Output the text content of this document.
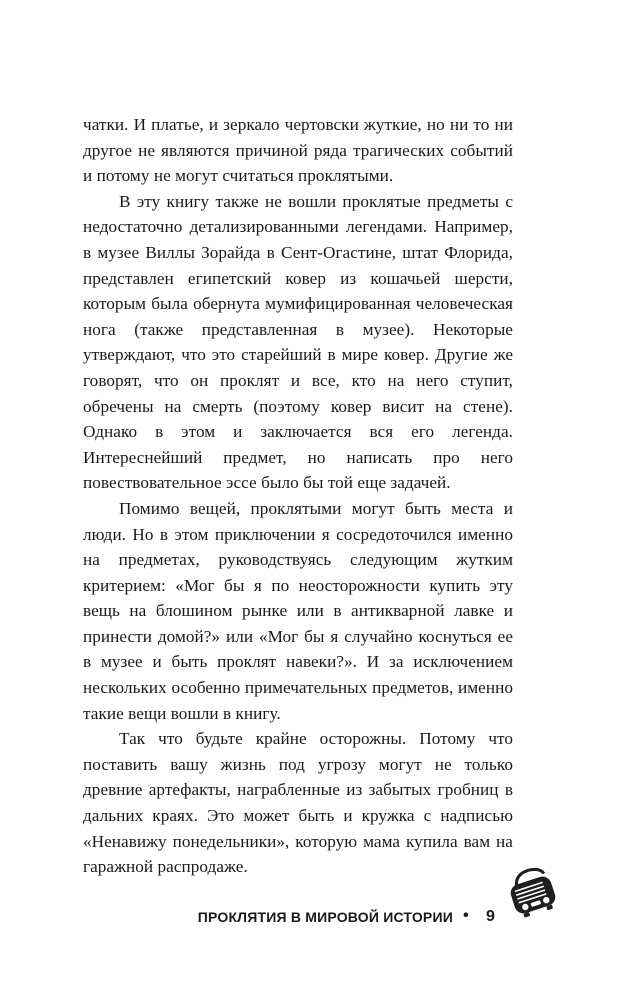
чатки. И платье, и зеркало чертовски жуткие, но ни то ни другое не являются причиной ряда трагических событий и потому не могут считаться проклятыми.

В эту книгу также не вошли проклятые предметы с недостаточно детализированными легендами. Например, в музее Виллы Зорайда в Сент-Огастине, штат Флорида, представлен египетский ковер из кошачьей шерсти, которым была обернута мумифицированная человеческая нога (также представленная в музее). Некоторые утверждают, что это старейший в мире ковер. Другие же говорят, что он проклят и все, кто на него ступит, обречены на смерть (поэтому ковер висит на стене). Однако в этом и заключается вся его легенда. Интереснейший предмет, но написать про него повествовательное эссе было бы той еще задачей.

Помимо вещей, проклятыми могут быть места и люди. Но в этом приключении я сосредоточился именно на предметах, руководствуясь следующим жутким критерием: «Мог бы я по неосторожности купить эту вещь на блошином рынке или в антикварной лавке и принести домой?» или «Мог бы я случайно коснуться ее в музее и быть проклят навеки?». И за исключением нескольких особенно примечательных предметов, именно такие вещи вошли в книгу.

Так что будьте крайне осторожны. Потому что поставить вашу жизнь под угрозу могут не только древние артефакты, награбленные из забытых гробниц в дальних краях. Это может быть и кружка с надписью «Ненавижу понедельники», которую мама купила вам на гаражной распродаже.

ПРОКЛЯТИЯ В МИРОВОЙ ИСТОРИИ • 9
